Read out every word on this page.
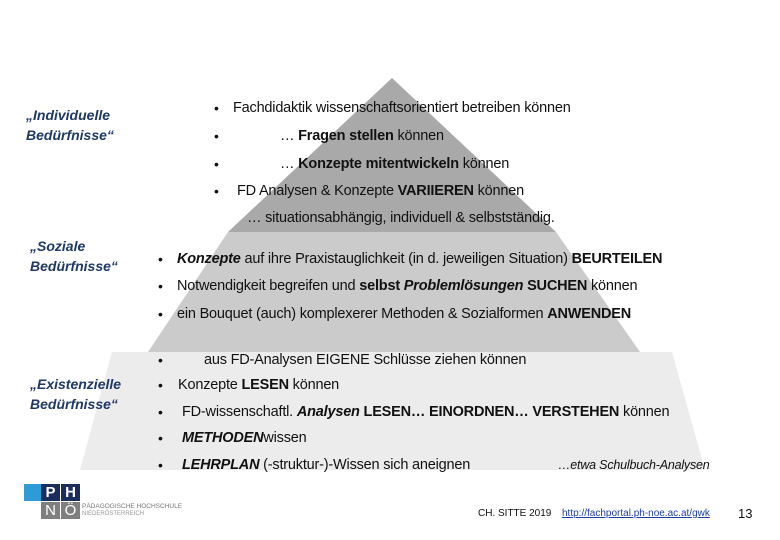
„Individuelle
Bedürfnisse“
„Soziale
Bedürfnisse“
„Existenzielle
Bedürfnisse“
• Fachdidaktik wissenschaftsorientiert betreiben können
•	… Fragen stellen können
•	… Konzepte mitentwickeln können
• FD Analysen & Konzepte VARIIEREN können
… situationsabhängig, individuell & selbstständig.
• Konzepte auf ihre Praxistauglichkeit (in d. jeweiligen Situation) BEURTEILEN
• Notwendigkeit begreifen und selbst Problemlösungen SUCHEN können
• ein Bouquet (auch) komplexerer Methoden & Sozialformen ANWENDEN
•	aus FD-Analysen EIGENE Schlüsse ziehen können
• Konzepte LESEN können
• FD-wissenschaftl. Analysen LESEN… EINORDNEN… VERSTEHEN können
• METHODENwissen
• LEHRPLAN (-struktur-)-Wissen sich aneignen	…etwa Schulbuch-Analysen
P H
N Ö PÄDAGOGISCHE HOCHSCHULE
NIEDERÖSTERREICH	CH. SITTE 2019 http://fachportal.ph-noe.ac.at/gwk 13
